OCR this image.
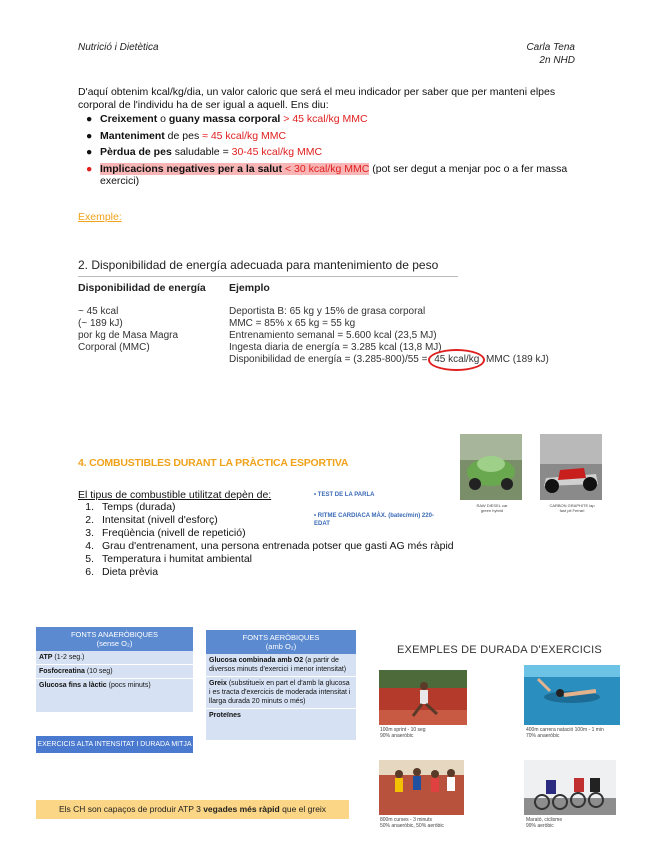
Nutrició i Dietètica	Carla Tena
2n NHD
D'aquí obtenim kcal/kg/dia, un valor caloric que será el meu indicador per saber que per manteni elpes corporal de l'individu ha de ser igual a aquell. Ens diu:
● Creixement o guany massa corporal > 45 kcal/kg MMC
● Manteniment de pes ≈ 45 kcal/kg MMC
● Pèrdua de pes saludable = 30-45 kcal/kg MMC
● Implicacions negatives per a la salut < 30 kcal/kg MMC (pot ser degut a menjar poc o a fer massa exercici)
Exemple:
2. Disponibilidad de energía adecuada para mantenimiento de peso
Disponibilidad de energía Ejemplo
~ 45 kcal
(~ 189 kJ)
por kg de Masa Magra
Corporal (MMC)
Deportista B: 65 kg y 15% de grasa corporal
MMC = 85% x 65 kg = 55 kg
Entrenamiento semanal = 5.600 kcal (23,5 MJ)
Ingesta diaria de energía = 3.285 kcal (13,8 MJ)
Disponibilidad de energía = (3.285-800)/55 = 45 kcal/kg MMC (189 kJ)
4. COMBUSTIBLES DURANT LA PRÀCTICA ESPORTIVA
El tipus de combustible utilitzat depèn de:
1. Temps (durada)
2. Intensitat (nivell d'esforç)
3. Freqüència (nivell de repetició)
4. Grau d'entrenament, una persona entrenada potser que gasti AG més ràpid
5. Temperatura i humitat ambiental
6. Dieta prèvia
• TEST DE LA PARLA
• RITME CARDIACA MÀX. (batec/min) 220- EDAT
RAW DIESEL car
green hybrid
CARBON GRAPHITE lap
fast pit Ferrari
FONTS ANAERÒBIQUES
(sense O₂)
ATP (1-2 seg.)
Fosfocreatina (10 seg)
Glucosa fins a làctic (pocs minuts)
EXERCICIS ALTA INTENSITAT I DURADA MITJA
FONTS AERÒBIQUES
(amb O₂)
Glucosa combinada amb O2 (a partir de diversos minuts d'exercici i menor intensitat)
Greix (substitueix en part el d'amb la glucosa i es tracta d'exercicis de moderada intensitat i llarga durada 20 minuts o més)
Proteïnes
Els CH son capaços de produir ATP 3 vegades més ràpid que el greix
EXEMPLES DE DURADA D'EXERCICIS
100m sprint - 10 seg
90% anaeròbic
400m carrera natació 100m - 1 min
70% anaeròbic
800m curses - 3 minuts
50% anaeròbic, 50% aeròbic
Marató, ciclisme
99% aeròbic
